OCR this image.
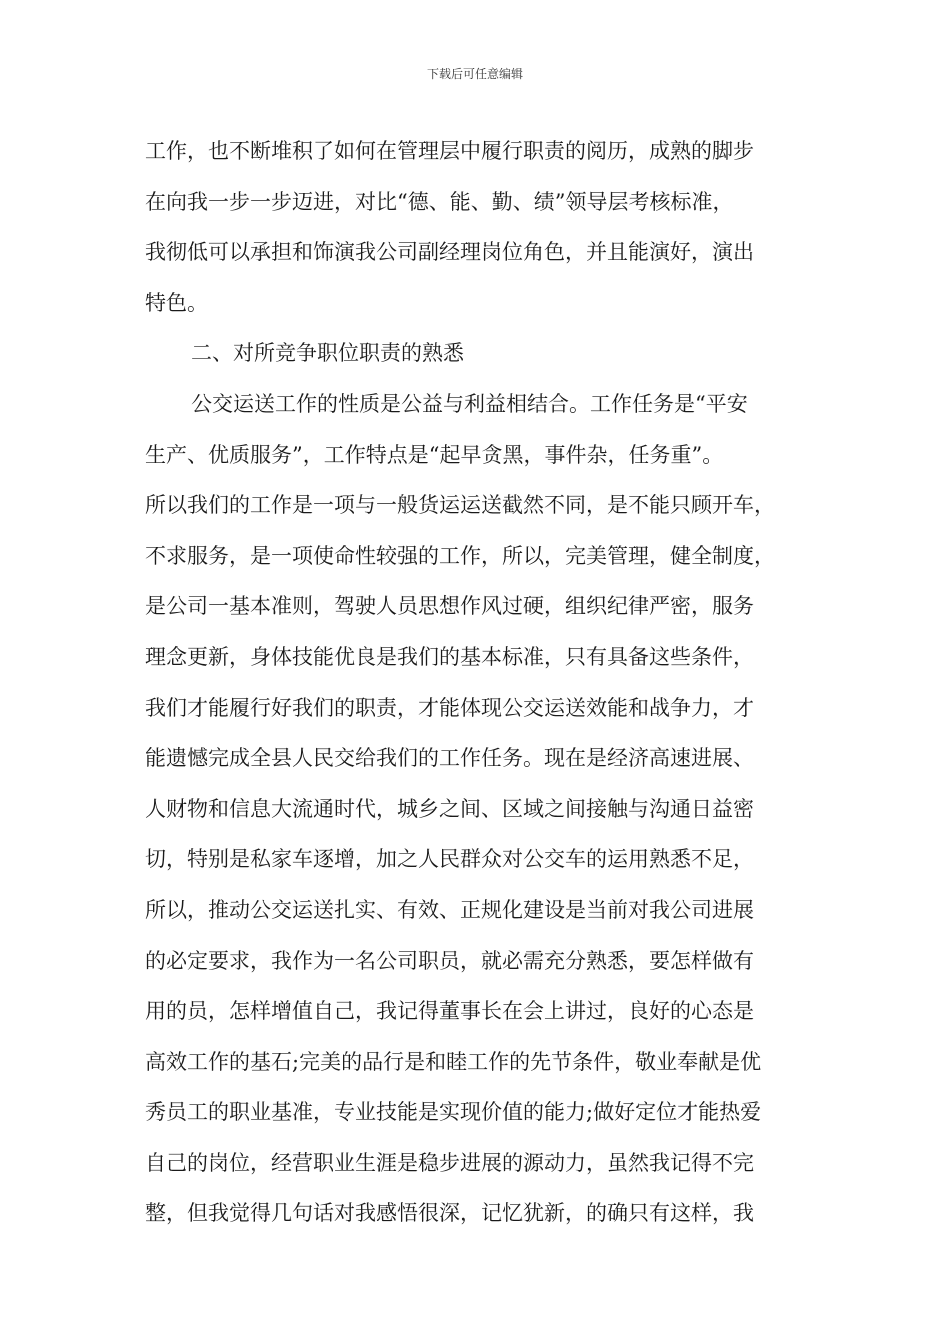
下载后可任意编辑
工作，也不断堆积了如何在管理层中履行职责的阅历，成熟的脚步
在向我一步一步迈进，对比“德、能、勤、绩”领导层考核标准，
我彻低可以承担和饰演我公司副经理岗位角色，并且能演好，演出
特色。
二、对所竞争职位职责的熟悉
公交运送工作的性质是公益与利益相结合。工作任务是“平安
生产、优质服务”，工作特点是“起早贪黑，事件杂，任务重”。
所以我们的工作是一项与一般货运运送截然不同，是不能只顾开车，
不求服务，是一项使命性较强的工作，所以，完美管理，健全制度，
是公司一基本准则，驾驶人员思想作风过硬，组织纪律严密，服务
理念更新，身体技能优良是我们的基本标准，只有具备这些条件，
我们才能履行好我们的职责，才能体现公交运送效能和战争力，才
能遗憾完成全县人民交给我们的工作任务。现在是经济高速进展、
人财物和信息大流通时代，城乡之间、区域之间接触与沟通日益密
切，特别是私家车逐增，加之人民群众对公交车的运用熟悉不足，
所以，推动公交运送扎实、有效、正规化建设是当前对我公司进展
的必定要求，我作为一名公司职员，就必需充分熟悉，要怎样做有
用的员，怎样增值自己，我记得董事长在会上讲过，良好的心态是
高效工作的基石;完美的品行是和睦工作的先节条件，敬业奉献是优
秀员工的职业基准，专业技能是实现价值的能力;做好定位才能热爱
自己的岗位，经营职业生涯是稳步进展的源动力，虽然我记得不完
整，但我觉得几句话对我感悟很深，记忆犹新，的确只有这样，我
